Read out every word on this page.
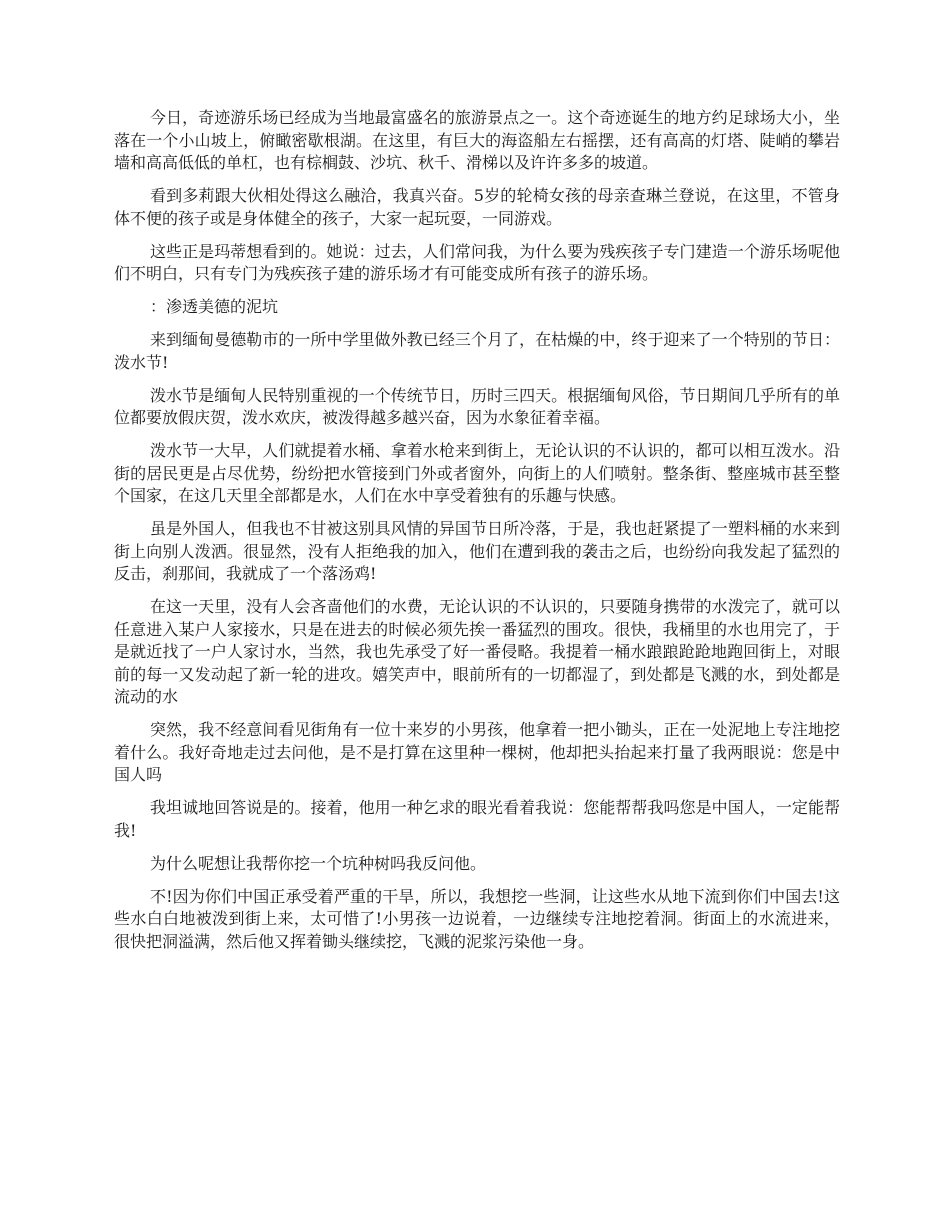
今日，奇迹游乐场已经成为当地最富盛名的旅游景点之一。这个奇迹诞生的地方约足球场大小，坐落在一个小山坡上，俯瞰密歇根湖。在这里，有巨大的海盗船左右摇摆，还有高高的灯塔、陡峭的攀岩墙和高高低低的单杠，也有棕榈鼓、沙坑、秋千、滑梯以及许许多多的坡道。

看到多莉跟大伙相处得这么融洽，我真兴奋。5岁的轮椅女孩的母亲查琳兰登说，在这里，不管身体不便的孩子或是身体健全的孩子，大家一起玩耍，一同游戏。

这些正是玛蒂想看到的。她说：过去，人们常问我，为什么要为残疾孩子专门建造一个游乐场呢他们不明白，只有专门为残疾孩子建的游乐场才有可能变成所有孩子的游乐场。

：渗透美德的泥坑

来到缅甸曼德勒市的一所中学里做外教已经三个月了，在枯燥的中，终于迎来了一个特别的节日：泼水节!

泼水节是缅甸人民特别重视的一个传统节日，历时三四天。根据缅甸风俗，节日期间几乎所有的单位都要放假庆贺，泼水欢庆，被泼得越多越兴奋，因为水象征着幸福。

泼水节一大早，人们就提着水桶、拿着水枪来到街上，无论认识的不认识的，都可以相互泼水。沿街的居民更是占尽优势，纷纷把水管接到门外或者窗外，向街上的人们喷射。整条街、整座城市甚至整个国家，在这几天里全部都是水，人们在水中享受着独有的乐趣与快感。

虽是外国人，但我也不甘被这别具风情的异国节日所冷落，于是，我也赶紧提了一塑料桶的水来到街上向别人泼洒。很显然，没有人拒绝我的加入，他们在遭到我的袭击之后，也纷纷向我发起了猛烈的反击，刹那间，我就成了一个落汤鸡!

在这一天里，没有人会吝啬他们的水费，无论认识的不认识的，只要随身携带的水泼完了，就可以任意进入某户人家接水，只是在进去的时候必须先挨一番猛烈的围攻。很快，我桶里的水也用完了，于是就近找了一户人家讨水，当然，我也先承受了好一番侵略。我提着一桶水踉踉跄跄地跑回街上，对眼前的每一又发动起了新一轮的进攻。嬉笑声中，眼前所有的一切都湿了，到处都是飞溅的水，到处都是流动的水

突然，我不经意间看见街角有一位十来岁的小男孩，他拿着一把小锄头，正在一处泥地上专注地挖着什么。我好奇地走过去问他，是不是打算在这里种一棵树，他却把头抬起来打量了我两眼说：您是中国人吗

我坦诚地回答说是的。接着，他用一种乞求的眼光看着我说：您能帮帮我吗您是中国人，一定能帮我!

为什么呢想让我帮你挖一个坑种树吗我反问他。

不!因为你们中国正承受着严重的干旱，所以，我想挖一些洞，让这些水从地下流到你们中国去!这些水白白地被泼到街上来，太可惜了!小男孩一边说着，一边继续专注地挖着洞。街面上的水流进来，很快把洞溢满，然后他又挥着锄头继续挖，飞溅的泥浆污染他一身。
